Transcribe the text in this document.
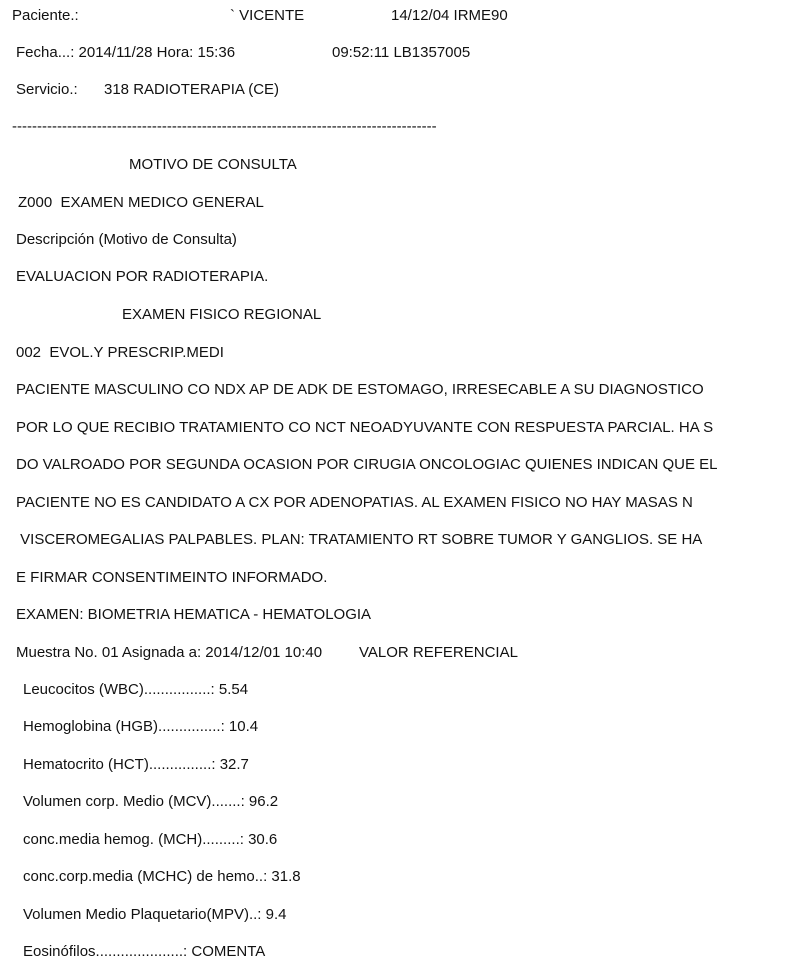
Paciente.:	` VICENTE	14/12/04 IRME90
Fecha...: 2014/11/28 Hora: 15:36	09:52:11 LB1357005
Servicio.: 318 RADIOTERAPIA (CE)
-------------------------------------------------------------------------------------
MOTIVO DE CONSULTA
Z000  EXAMEN MEDICO GENERAL
Descripción (Motivo de Consulta)
EVALUACION POR RADIOTERAPIA.
EXAMEN FISICO REGIONAL
002  EVOL.Y PRESCRIP.MEDI
PACIENTE MASCULINO CO NDX AP DE ADK DE ESTOMAGO, IRRESECABLE A SU DIAGNOSTICO
POR LO QUE RECIBIO TRATAMIENTO CO NCT NEOADYUVANTE CON RESPUESTA PARCIAL. HA S
DO VALROADO POR SEGUNDA OCASION POR CIRUGIA ONCOLOGIAC QUIENES INDICAN QUE EL
PACIENTE NO ES CANDIDATO A CX POR ADENOPATIAS. AL EXAMEN FISICO NO HAY MASAS N
VISCEROMEGALIAS PALPABLES. PLAN: TRATAMIENTO RT SOBRE TUMOR Y GANGLIOS. SE HA
E FIRMAR CONSENTIMEINTO INFORMADO.
EXAMEN: BIOMETRIA HEMATICA - HEMATOLOGIA
Muestra No. 01 Asignada a: 2014/12/01 10:40 VALOR REFERENCIAL
Leucocitos (WBC)................: 5.54
Hemoglobina (HGB)...............: 10.4
Hematocrito (HCT)...............: 32.7
Volumen corp. Medio (MCV).......: 96.2
conc.media hemog. (MCH).........: 30.6
conc.corp.media (MCHC) de hemo..: 31.8
Volumen Medio Plaquetario(MPV)..: 9.4
Eosinófilos.....................: COMENTA
